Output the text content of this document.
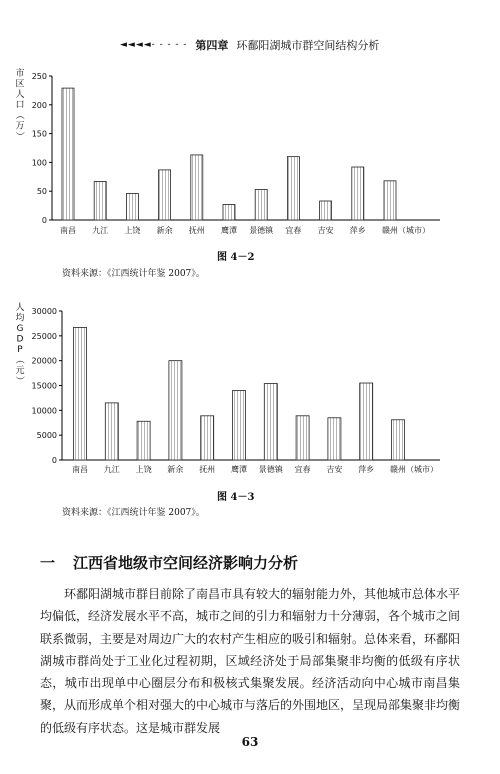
◄◄◄◄- - - - - 第四章 环鄱阳湖城市群空间结构分析
0
50
100
150
200
250
市
区
人
口
（
万
）
南昌 九江 上饶 新余 抚州 鹰潭 景德镇 宜春 吉安 萍乡 赣州（城市）
图 4－2
资料来源：《江西统计年鉴 2007》。
0
5000
10000
15000
20000
25000
30000
人
均
G
D
P
（
元
）
南昌 九江 上饶 新余 抚州 鹰潭 景德镇 宜春 吉安 萍乡 赣州（城市）
图 4－3
资料来源：《江西统计年鉴 2007》。
一 江西省地级市空间经济影响力分析
环鄱阳湖城市群目前除了南昌市具有较大的辐射能力外，其他城市总体水平均偏低，经济发展水平不高，城市之间的引力和辐射力十分薄弱，各个城市之间联系微弱，主要是对周边广大的农村产生相应的吸引和辐射。总体来看，环鄱阳湖城市群尚处于工业化过程初期，区域经济处于局部集聚非均衡的低级有序状态，城市出现单中心圈层分布和极核式集聚发展。经济活动向中心城市南昌集聚，从而形成单个相对强大的中心城市与落后的外围地区，呈现局部集聚非均衡的低级有序状态。这是城市群发展
63
